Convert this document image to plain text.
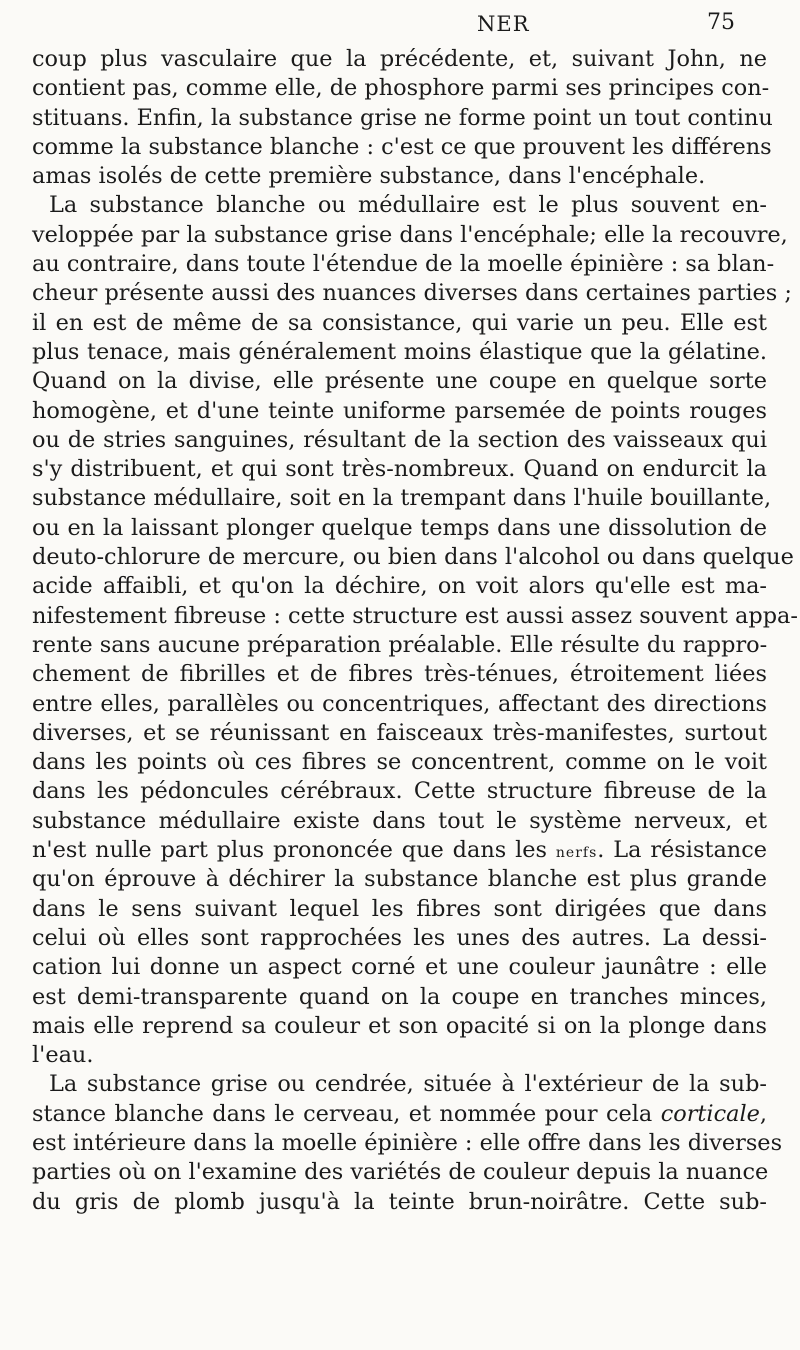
NER	75
coup plus vasculaire que la précédente, et, suivant John, ne
contient pas, comme elle, de phosphore parmi ses principes con-
stituans. Enfin, la substance grise ne forme point un tout continu
comme la substance blanche : c'est ce que prouvent les différens
amas isolés de cette première substance, dans l'encéphale.
La substance blanche ou médullaire est le plus souvent en-
veloppée par la substance grise dans l'encéphale; elle la recouvre,
au contraire, dans toute l'étendue de la moelle épinière : sa blan-
cheur présente aussi des nuances diverses dans certaines parties ;
il en est de même de sa consistance, qui varie un peu. Elle est
plus tenace, mais généralement moins élastique que la gélatine.
Quand on la divise, elle présente une coupe en quelque sorte
homogène, et d'une teinte uniforme parsemée de points rouges
ou de stries sanguines, résultant de la section des vaisseaux qui
s'y distribuent, et qui sont très-nombreux. Quand on endurcit la
substance médullaire, soit en la trempant dans l'huile bouillante,
ou en la laissant plonger quelque temps dans une dissolution de
deuto-chlorure de mercure, ou bien dans l'alcohol ou dans quelque
acide affaibli, et qu'on la déchire, on voit alors qu'elle est ma-
nifestement fibreuse : cette structure est aussi assez souvent appa-
rente sans aucune préparation préalable. Elle résulte du rappro-
chement de fibrilles et de fibres très-ténues, étroitement liées
entre elles, parallèles ou concentriques, affectant des directions
diverses, et se réunissant en faisceaux très-manifestes, surtout
dans les points où ces fibres se concentrent, comme on le voit
dans les pédoncules cérébraux. Cette structure fibreuse de la
substance médullaire existe dans tout le système nerveux, et
n'est nulle part plus prononcée que dans les nerfs. La résistance
qu'on éprouve à déchirer la substance blanche est plus grande
dans le sens suivant lequel les fibres sont dirigées que dans
celui où elles sont rapprochées les unes des autres. La dessi-
cation lui donne un aspect corné et une couleur jaunâtre : elle
est demi-transparente quand on la coupe en tranches minces,
mais elle reprend sa couleur et son opacité si on la plonge dans
l'eau.
La substance grise ou cendrée, située à l'extérieur de la sub-
stance blanche dans le cerveau, et nommée pour cela corticale,
est intérieure dans la moelle épinière : elle offre dans les diverses
parties où on l'examine des variétés de couleur depuis la nuance
du gris de plomb jusqu'à la teinte brun-noirâtre. Cette sub-
